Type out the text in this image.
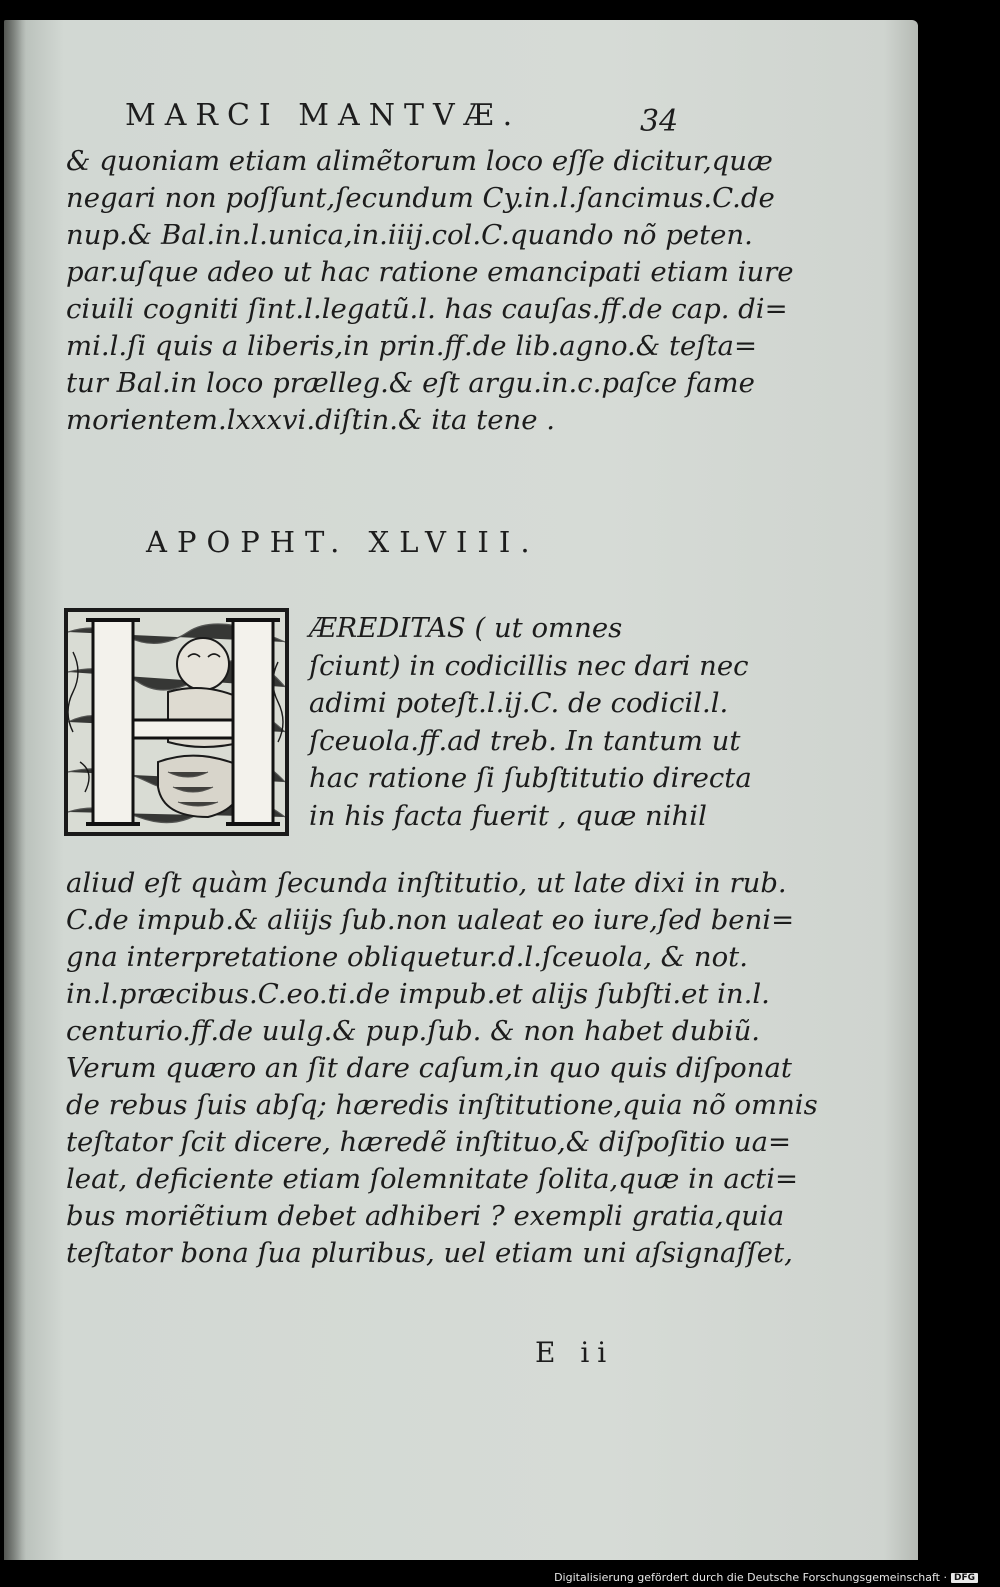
MARCI MANTVÆ.	34
& quoniam etiam alimẽtorum loco eſſe dicitur,quæ
negari non poſſunt,ſecundum Cy.in.l.ſancimus.C.de
nup.& Bal.in.l.unica,in.iiij.col.C.quando nõ peten.
par.uſque adeo ut hac ratione emancipati etiam iure
ciuili cogniti ſint.l.legatũ.l. has cauſas.ff.de cap. di=
mi.l.ſi quis a liberis,in prin.ff.de lib.agno.& teſta=
tur Bal.in loco prælleg.& eſt argu.in.c.paſce fame
morientem.lxxxvi.diſtin.& ita tene .
APOPHT. XLVIII.
ÆREDITAS ( ut omnes
ſciunt) in codicillis nec dari nec
adimi poteſt.l.ij.C. de codicil.l.
ſceuola.ff.ad treb. In tantum ut
hac ratione ſi ſubſtitutio directa
in his facta fuerit , quæ nihil
aliud eſt quàm ſecunda inſtitutio, ut late dixi in rub.
C.de impub.& aliijs ſub.non ualeat eo iure,ſed beni=
gna interpretatione obliquetur.d.l.ſceuola, & not.
in.l.præcibus.C.eo.ti.de impub.et alijs ſubſti.et in.l.
centurio.ff.de uulg.& pup.ſub. & non habet dubiũ.
Verum quæro an ſit dare caſum,in quo quis diſponat
de rebus ſuis abſq; hæredis inſtitutione,quia nõ omnis
teſtator ſcit dicere, hæredẽ inſtituo,& diſpoſitio ua=
leat, deficiente etiam ſolemnitate ſolita,quæ in acti=
bus moriẽtium debet adhiberi ? exempli gratia,quia
teſtator bona ſua pluribus, uel etiam uni aſsignaſſet,
E ii
Digitalisierung gefördert durch die Deutsche Forschungsgemeinschaft · DFG
